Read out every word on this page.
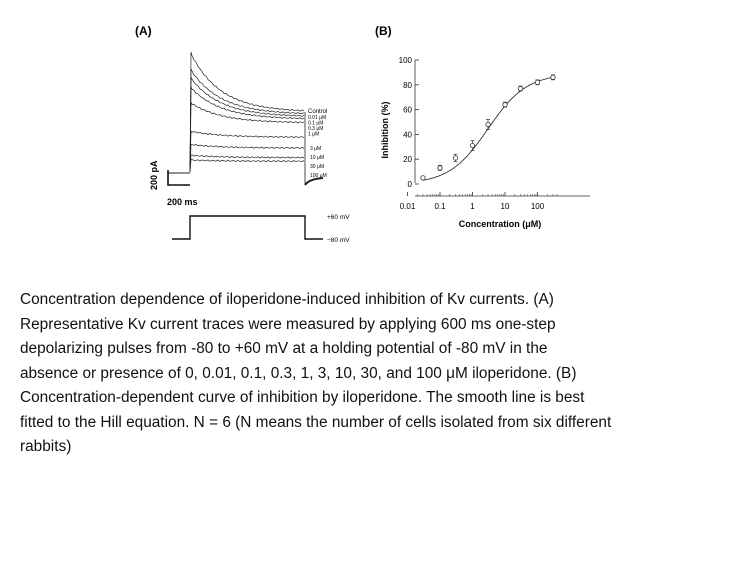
(A)
Control
0.01 μM
0.1 μM
0.3 μM
1 μM
3 μM
10 μM
30 μM
100 μM
200 pA
200 ms
+60 mV
−80 mV
(B)
0
20
40
60
80
100
0.01 0.1	1	10	100
Inhibition (%)
Concentration (μM)

Concentration dependence of iloperidone-induced inhibition of Kv currents. (A)

Representative Kv current traces were measured by applying 600 ms one-step

depolarizing pulses from -80 to +60 mV at a holding potential of -80 mV in the

absence or presence of 0, 0.01, 0.1, 0.3, 1, 3, 10, 30, and 100 μM iloperidone. (B)

Concentration-dependent curve of inhibition by iloperidone. The smooth line is best

fitted to the Hill equation. N = 6 (N means the number of cells isolated from six different

rabbits)
